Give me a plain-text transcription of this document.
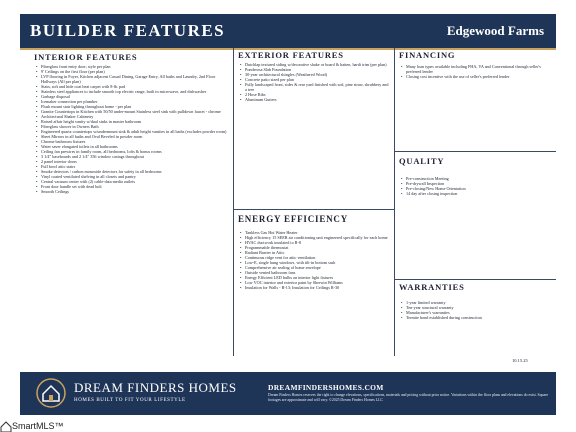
BUILDER FEATURES	Edgewood Farms
INTERIOR FEATURES
• Fiberglass front entry door; style per plan
• 9' Ceilings on the first floor (per plan)
• LVP flooring in Foyer, Kitchen adjacent Casual Dining, Garage Entry, All baths and Laundry, 2nd Floor Hallways (All per plan)
• Stain, soft and hide coat beat carpet with 8-lb. pad
• Stainless steel appliances to include smooth top electric range, built in microwave, and dishwasher
• Garbage disposal
• Icemaker connection per plumber
• Flush mount stair lighting throughout home - per plan
• Granite Countertops in Kitchen with 50/50 under-mount Stainless steel sink with pulldown faucet - chrome
• Architectural Shaker Cabinetry
• Raised affair height vanity w/dual sinks in master bathroom
• Fiberglass shower in Owners Bath
• Engineered quartz countertops w/undermount sink & adult height vanities in all baths (excludes powder room)
• Sheet Mirrors in all baths and Oval Beveled in powder room
• Chrome bathroom fixtures
• Water saver elongated toilets in all bathrooms
• Ceiling fan prewires in family room, all bedrooms, lofts & bonus rooms
• 3 1/4" baseboards and 2 1/4" 356 window casings throughout
• 2 panel interior doors
• Full bowl attic stairs
• Smoke detectors / carbon monoxide detectors for safety in all bedrooms
• Vinyl coated ventilated shelving in all closets and pantry
• Central vacuum center with (2) cable-data media outlets
• Front door handle set with dead bolt
• Smooth Ceilings
EXTERIOR FEATURES
• Dutchlap textured siding w/decorative shake or board & batten, hardi trim (per plan)
• Ponderosa Slab Foundation
• 30-year architectural shingles (Weathered Wood)
• Concrete patio sized per plan
• Fully landscaped front, sides & rear yard finished with sod, pine straw, shrubbery and a tree
• 2 Hose Bibs
• Aluminum Gutters
ENERGY EFFICIENCY
• Tankless Gas Hot Water Heater
• High efficiency 15 SEER air conditioning unit engineered specifically for each home
• HVAC ductwork insulated to R-8
• Programmable thermostat
• Radiant Barrier in Attic
• Continuous ridge vent for attic ventilation
• Low-E, single hung windows, with tilt-in bottom sash
• Comprehensive air sealing of home envelope
• Outside vented bathroom fans
• Energy Efficient LED bulbs on interior light fixtures
• Low VOC interior and exterior paint by Sherwin Williams
• Insulation for Walls - R-13; Insulation for Ceilings R-30
FINANCING
• Many loan types available including FHA, VA and Conventional through seller's preferred lender
• Closing cost incentive with the use of seller's preferred lender
QUALITY
• Pre-construction Meeting
• Pre-drywall Inspection
• Pre-closing/New Home Orientation
• 14 day after closing inspection
WARRANTIES
• 1-year limited warranty
• Ten-year structural warranty
• Manufacturer's warranties
• Termite bond established during construction
10.15.25
DREAM FINDERS HOMES
HOMES BUILT TO FIT YOUR LIFESTYLE
DREAMFINDERSHOMES.COM
Dream Finders Homes reserves the right to change elevations, specifications, materials and pricing without prior notice. Variations within the floor plans and elevations do exist. Square footages are approximate and will vary. ©2025 Dream Finders Homes LLC
SmartMLS™
